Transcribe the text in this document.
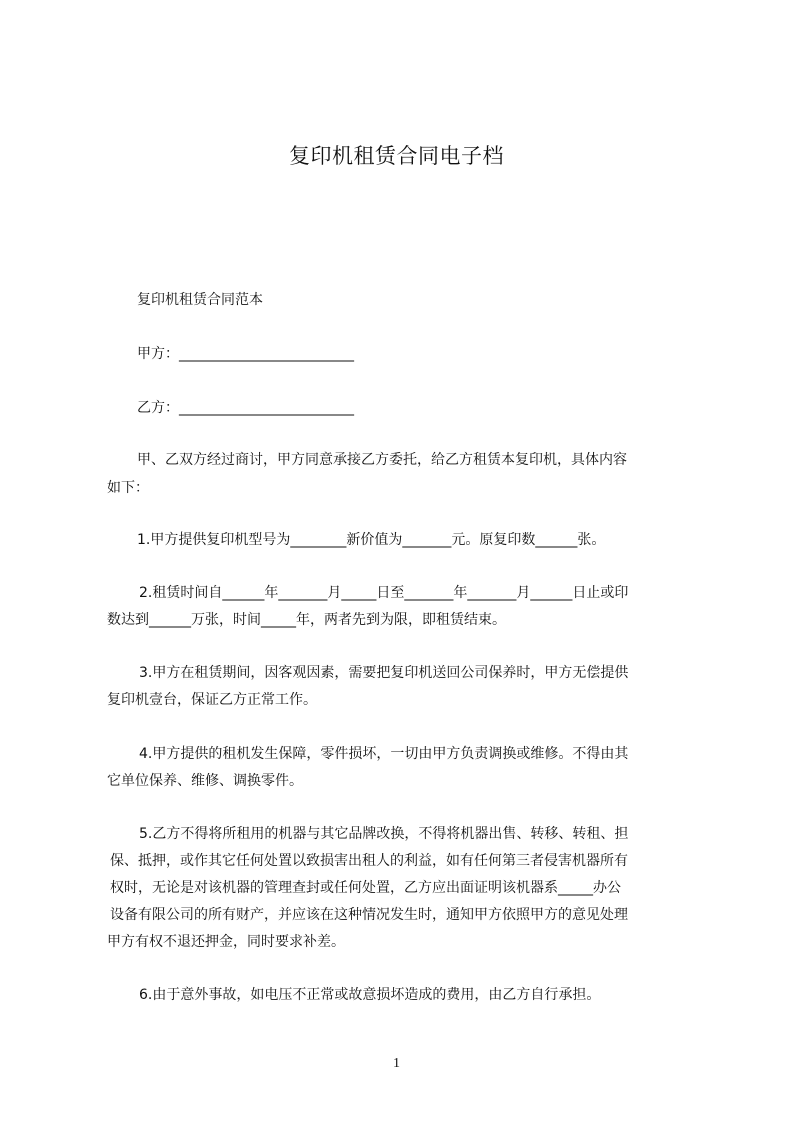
复印机租赁合同电子档
复印机租赁合同范本
甲方：_________________________
乙方：_________________________
甲、乙双方经过商讨，甲方同意承接乙方委托，给乙方租赁本复印机，具体内容
如下：
1.甲方提供复印机型号为________新价值为_______元。原复印数______张。
2.租赁时间自______年_______月_____日至_______年_______月______日止或印
数达到______万张，时间_____年，两者先到为限，即租赁结束。
3.甲方在租赁期间，因客观因素，需要把复印机送回公司保养时，甲方无偿提供
复印机壹台，保证乙方正常工作。
4.甲方提供的租机发生保障，零件损坏，一切由甲方负责调换或维修。不得由其
它单位保养、维修、调换零件。
5.乙方不得将所租用的机器与其它品牌改换，不得将机器出售、转移、转租、担
保、抵押，或作其它任何处置以致损害出租人的利益，如有任何第三者侵害机器所有
权时，无论是对该机器的管理查封或任何处置，乙方应出面证明该机器系_____办公
设备有限公司的所有财产，并应该在这种情况发生时，通知甲方依照甲方的意见处理
甲方有权不退还押金，同时要求补差。
6.由于意外事故，如电压不正常或故意损坏造成的费用，由乙方自行承担。
1
